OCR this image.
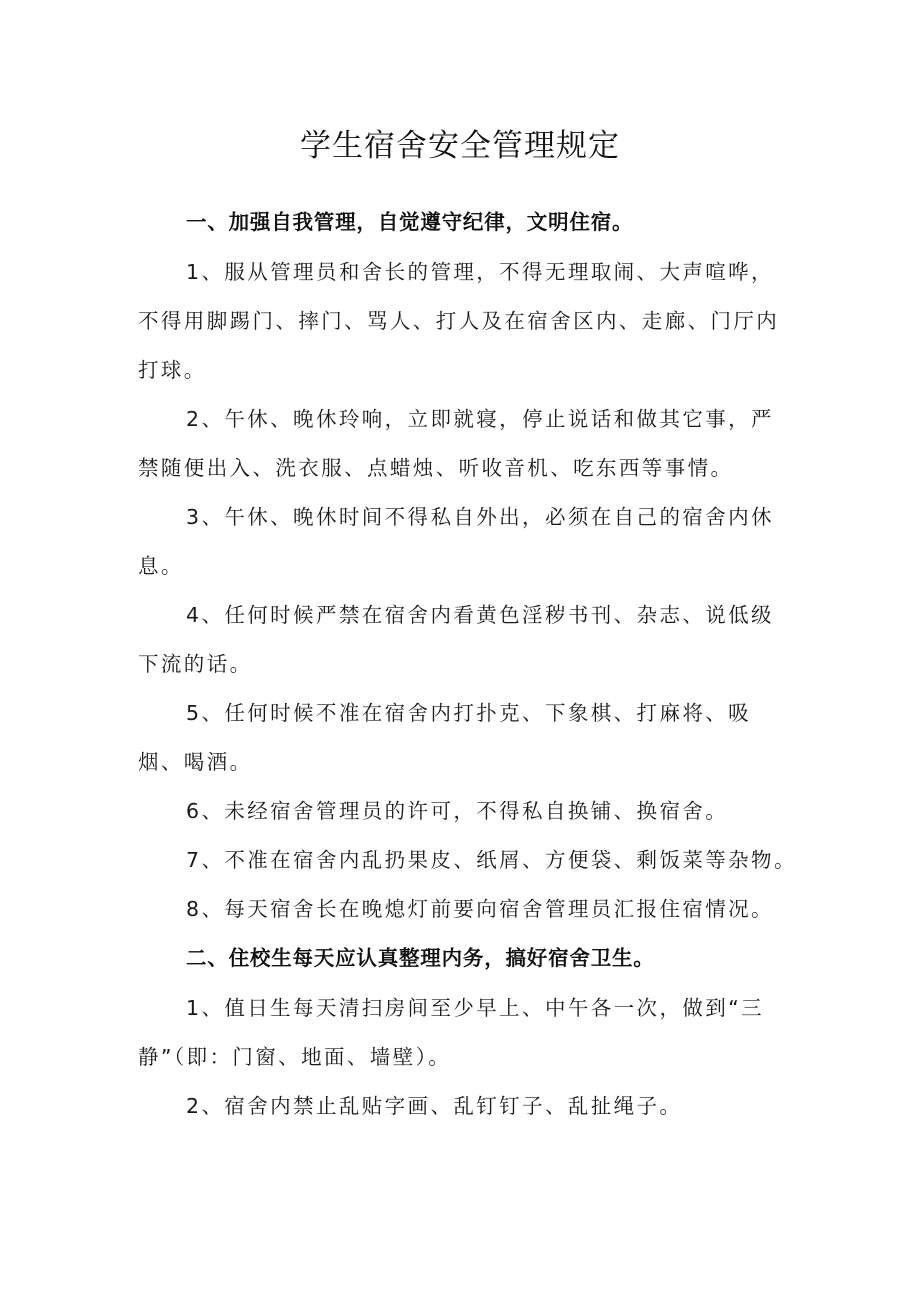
学生宿舍安全管理规定
一、加强自我管理，自觉遵守纪律，文明住宿。
1、服从管理员和舍长的管理，不得无理取闹、大声喧哗，
不得用脚踢门、摔门、骂人、打人及在宿舍区内、走廊、门厅内
打球。
2、午休、晚休玲响，立即就寝，停止说话和做其它事，严
禁随便出入、洗衣服、点蜡烛、听收音机、吃东西等事情。
3、午休、晚休时间不得私自外出，必须在自己的宿舍内休
息。
4、任何时候严禁在宿舍内看黄色淫秽书刊、杂志、说低级
下流的话。
5、任何时候不准在宿舍内打扑克、下象棋、打麻将、吸
烟、喝酒。
6、未经宿舍管理员的许可，不得私自换铺、换宿舍。
7、不准在宿舍内乱扔果皮、纸屑、方便袋、剩饭菜等杂物。
8、每天宿舍长在晚熄灯前要向宿舍管理员汇报住宿情况。
二、住校生每天应认真整理内务，搞好宿舍卫生。
1、值日生每天清扫房间至少早上、中午各一次，做到“三
静”（即：门窗、地面、墙壁）。
2、宿舍内禁止乱贴字画、乱钉钉子、乱扯绳子。
